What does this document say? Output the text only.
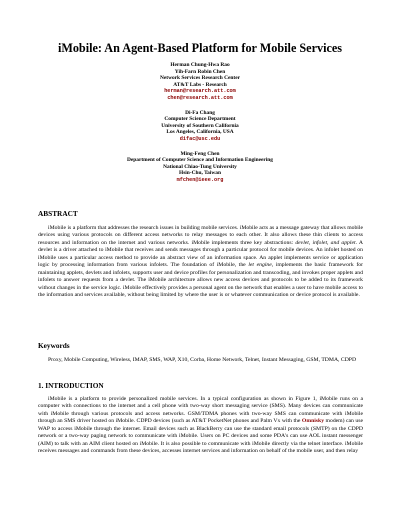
iMobile: An Agent-Based Platform for Mobile Services
Herman Chung-Hwa Rao
Yih-Farn Robin Chen
Network Services Research Center
AT&T Labs - Research
herman@research.att.com
chen@research.att.com
Di-Fa Chang
Computer Science Department
University of Southern California
Los Angeles, California, USA
difac@usc.edu
Ming-Feng Chen
Department of Computer Science and Information Engineering
National Chiao-Tung University
Hsin-Chu, Taiwan
mfchen@ieee.org
ABSTRACT
iMobile is a platform that addresses the research issues in building mobile services. iMobile acts as a message gateway that allows mobile devices using various protocols on different access networks to relay messages to each other. It also allows these thin clients to access resources and information on the internet and various networks. iMobile implements three key abstractions: devlet, infolet, and applet. A devlet is a driver attached to iMobile that receives and sends messages through a particular protocol for mobile devices. An infolet hosted on iMobile uses a particular access method to provide an abstract view of an information space. An applet implements service or application logic by processing information from various infolets. The foundation of iMobile, the let engine, implements the basic framework for maintaining applets, devlets and infolets, supports user and device profiles for personalization and transcoding, and invokes proper applets and infolets to answer requests from a devlet. The iMobile architecture allows new access devices and protocols to be added to its framework without changes in the service logic. iMobile effectively provides a personal agent on the network that enables a user to have mobile access to the information and services available, without being limited by where the user is or whatever communication or device protocol is available.
Keywords
Proxy, Mobile Computing, Wireless, IMAP, SMS, WAP, X10, Corba, Home Network, Telnet, Instant Messaging, GSM, TDMA, CDPD
1. INTRODUCTION
iMobile is a platform to provide personalized mobile services. In a typical configuration as shown in Figure 1, iMobile runs on a computer with connections to the internet and a cell phone with two-way short messaging service (SMS). Many devices can communicate with iMobile through various protocols and access networks. GSM/TDMA phones with two-way SMS can communicate with iMobile through an SMS driver hosted on iMobile. CDPD devices (such as AT&T PocketNet phones and Palm Vx with the Omnisky modem) can use WAP to access iMobile through the internet. Email devices such as BlackBerry can use the standard email protocols (SMTP) on the CDPD network or a two-way paging network to communicate with iMobile. Users on PC devices and some PDA's can use AOL instant messenger (AIM) to talk with an AIM client hosted on iMobile. It is also possible to communicate with iMobile directly via the telnet interface. iMobile receives messages and commands from these devices, accesses internet services and information on behalf of the mobile user, and then relay
